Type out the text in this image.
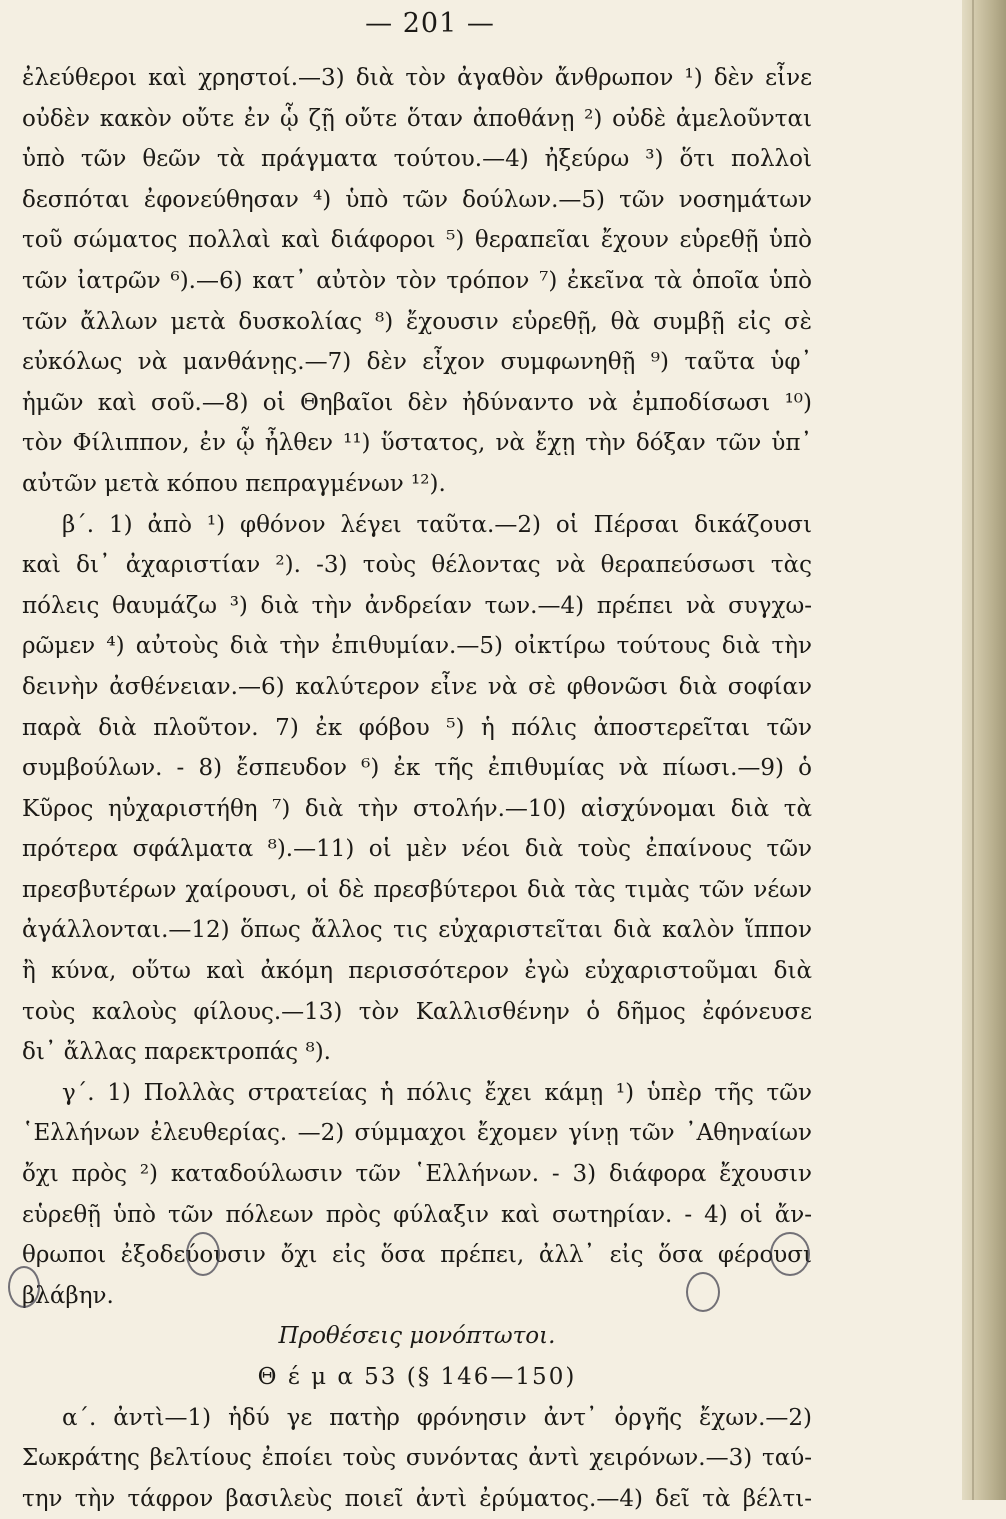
— 201 —
ἐλεύθεροι καὶ χρηστοί.—3) διὰ τὸν ἀγαθὸν ἄνθρωπον ¹) δὲν εἶνε
οὐδὲν κακὸν οὔτε ἐν ᾧ ζῇ οὔτε ὅταν ἀποθάνῃ ²) οὐδὲ ἀμελοῦνται
ὑπὸ τῶν θεῶν τὰ πράγματα τούτου.—4) ἠξεύρω ³) ὅτι πολλοὶ
δεσπόται ἐφονεύθησαν ⁴) ὑπὸ τῶν δούλων.—5) τῶν νοσημάτων
τοῦ σώματος πολλαὶ καὶ διάφοροι ⁵) θεραπεῖαι ἔχουν εὑρεθῇ ὑπὸ
τῶν ἰατρῶν ⁶).—6) κατ᾽ αὐτὸν τὸν τρόπον ⁷) ἐκεῖνα τὰ ὁποῖα ὑπὸ
τῶν ἄλλων μετὰ δυσκολίας ⁸) ἔχουσιν εὑρεθῇ, θὰ συμβῇ εἰς σὲ
εὐκόλως νὰ μανθάνῃς.—7) δὲν εἶχον συμφωνηθῇ ⁹) ταῦτα ὑφ᾽
ἡμῶν καὶ σοῦ.—8) οἱ Θηβαῖοι δὲν ἠδύναντο νὰ ἐμποδίσωσι ¹⁰)
τὸν Φίλιππον, ἐν ᾧ ἦλθεν ¹¹) ὕστατος, νὰ ἔχῃ τὴν δόξαν τῶν ὑπ᾽
αὐτῶν μετὰ κόπου πεπραγμένων ¹²).
β΄. 1) ἀπὸ ¹) φθόνον λέγει ταῦτα.—2) οἱ Πέρσαι δικάζουσι
καὶ δι᾽ ἀχαριστίαν ²). -3) τοὺς θέλοντας νὰ θεραπεύσωσι τὰς
πόλεις θαυμάζω ³) διὰ τὴν ἀνδρείαν των.—4) πρέπει νὰ συγχω-
ρῶμεν ⁴) αὐτοὺς διὰ τὴν ἐπιθυμίαν.—5) οἰκτίρω τούτους διὰ τὴν
δεινὴν ἀσθένειαν.—6) καλύτερον εἶνε νὰ σὲ φθονῶσι διὰ σοφίαν
παρὰ διὰ πλοῦτον. 7) ἐκ φόβου ⁵) ἡ πόλις ἀποστερεῖται τῶν
συμβούλων. - 8) ἔσπευδον ⁶) ἐκ τῆς ἐπιθυμίας νὰ πίωσι.—9) ὁ
Κῦρος ηὐχαριστήθη ⁷) διὰ τὴν στολήν.—10) αἰσχύνομαι διὰ τὰ
πρότερα σφάλματα ⁸).—11) οἱ μὲν νέοι διὰ τοὺς ἐπαίνους τῶν
πρεσβυτέρων χαίρουσι, οἱ δὲ πρεσβύτεροι διὰ τὰς τιμὰς τῶν νέων
ἀγάλλονται.—12) ὅπως ἄλλος τις εὐχαριστεῖται διὰ καλὸν ἵππον
ἢ κύνα, οὕτω καὶ ἀκόμη περισσότερον ἐγὼ εὐχαριστοῦμαι διὰ
τοὺς καλοὺς φίλους.—13) τὸν Καλλισθένην ὁ δῆμος ἐφόνευσε
δι᾽ ἄλλας παρεκτροπάς ⁸).
γ΄. 1) Πολλὰς στρατείας ἡ πόλις ἔχει κάμῃ ¹) ὑπὲρ τῆς τῶν
῾Ελλήνων ἐλευθερίας. —2) σύμμαχοι ἔχομεν γίνῃ τῶν ᾽Αθηναίων
ὄχι πρὸς ²) καταδούλωσιν τῶν ῾Ελλήνων. - 3) διάφορα ἔχουσιν
εὑρεθῇ ὑπὸ τῶν πόλεων πρὸς φύλαξιν καὶ σωτηρίαν. - 4) οἱ ἄν-
θρωποι ἐξοδεύουσιν ὄχι εἰς ὅσα πρέπει, ἀλλ᾽ εἰς ὅσα φέρουσι
βλάβην.
Προθέσεις μονόπτωτοι.
Θ έ μ α 53 (§ 146—150)
α΄. ἀντὶ—1) ἡδύ γε πατὴρ φρόνησιν ἀντ᾽ ὀργῆς ἔχων.—2)
Σωκράτης βελτίους ἐποίει τοὺς συνόντας ἀντὶ χειρόνων.—3) ταύ-
την τὴν τάφρον βασιλεὺς ποιεῖ ἀντὶ ἐρύματος.—4) δεῖ τὰ βέλτι-
